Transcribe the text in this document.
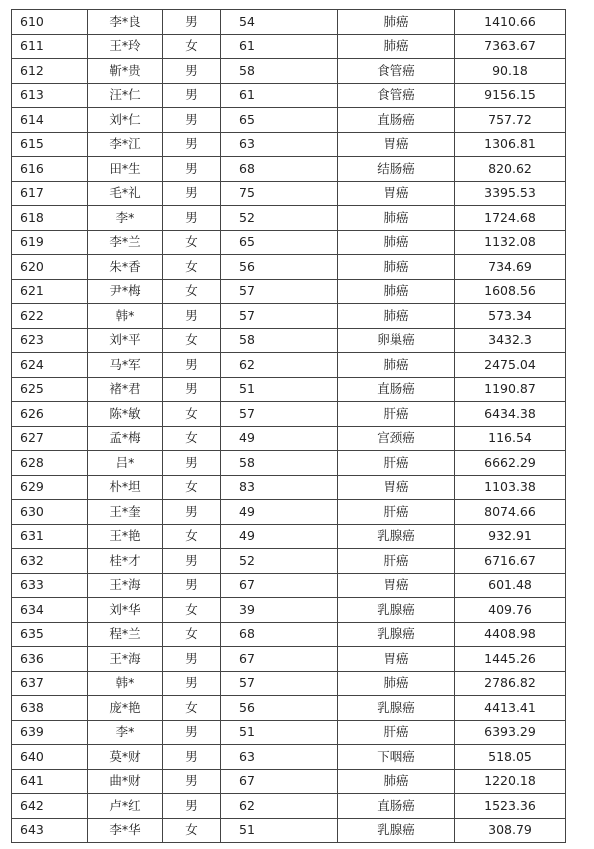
610	李*良	男	54	肺癌	1410.66
611	王*玲	女	61	肺癌	7363.67
612	靳*贵	男	58	食管癌	90.18
613	汪*仁	男	61	食管癌	9156.15
614	刘*仁	男	65	直肠癌	757.72
615	李*江	男	63	胃癌	1306.81
616	田*生	男	68	结肠癌	820.62
617	毛*礼	男	75	胃癌	3395.53
618	李*	男	52	肺癌	1724.68
619	李*兰	女	65	肺癌	1132.08
620	朱*香	女	56	肺癌	734.69
621	尹*梅	女	57	肺癌	1608.56
622	韩*	男	57	肺癌	573.34
623	刘*平	女	58	卵巢癌	3432.3
624	马*军	男	62	肺癌	2475.04
625	褚*君	男	51	直肠癌	1190.87
626	陈*敏	女	57	肝癌	6434.38
627	孟*梅	女	49	宫颈癌	116.54
628	吕*	男	58	肝癌	6662.29
629	朴*坦	女	83	胃癌	1103.38
630	王*奎	男	49	肝癌	8074.66
631	王*艳	女	49	乳腺癌	932.91
632	桂*才	男	52	肝癌	6716.67
633	王*海	男	67	胃癌	601.48
634	刘*华	女	39	乳腺癌	409.76
635	程*兰	女	68	乳腺癌	4408.98
636	王*海	男	67	胃癌	1445.26
637	韩*	男	57	肺癌	2786.82
638	庞*艳	女	56	乳腺癌	4413.41
639	李*	男	51	肝癌	6393.29
640	莫*财	男	63	下咽癌	518.05
641	曲*财	男	67	肺癌	1220.18
642	卢*红	男	62	直肠癌	1523.36
643	李*华	女	51	乳腺癌	308.79
